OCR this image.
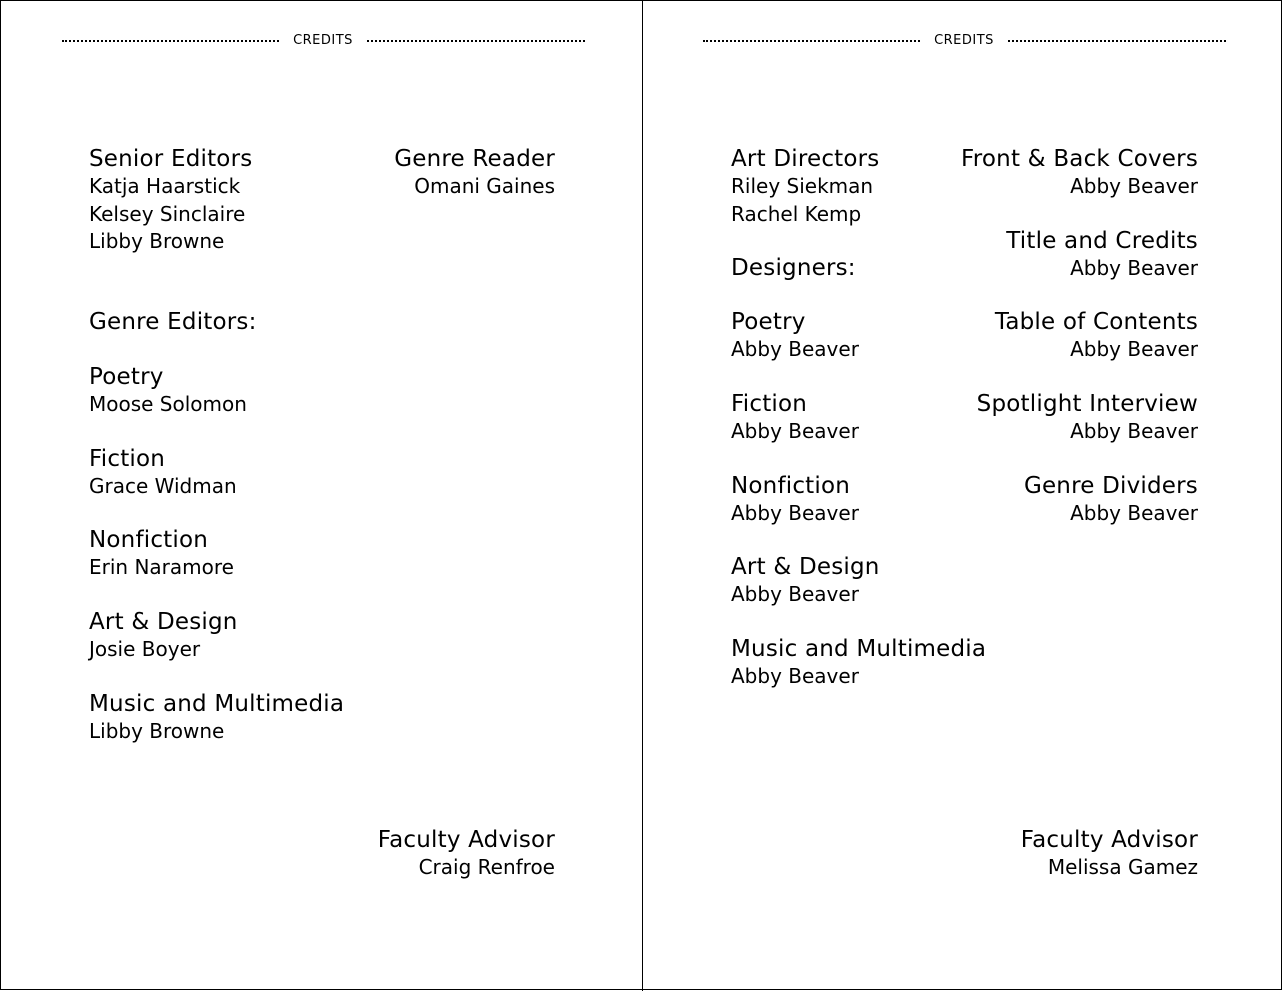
CREDITS
Senior Editors
Katja Haarstick
Kelsey Sinclaire
Libby Browne
Genre Reader
Omani Gaines
Genre Editors:
Poetry
Moose Solomon
Fiction
Grace Widman
Nonfiction
Erin Naramore
Art & Design
Josie Boyer
Music and Multimedia
Libby Browne
Faculty Advisor
Craig Renfroe
CREDITS
Art Directors
Riley Siekman
Rachel Kemp
Designers:
Poetry
Abby Beaver
Fiction
Abby Beaver
Nonfiction
Abby Beaver
Art & Design
Abby Beaver
Music and Multimedia
Abby Beaver
Front & Back Covers
Abby Beaver
Title and Credits
Abby Beaver
Table of Contents
Abby Beaver
Spotlight Interview
Abby Beaver
Genre Dividers
Abby Beaver
Faculty Advisor
Melissa Gamez
